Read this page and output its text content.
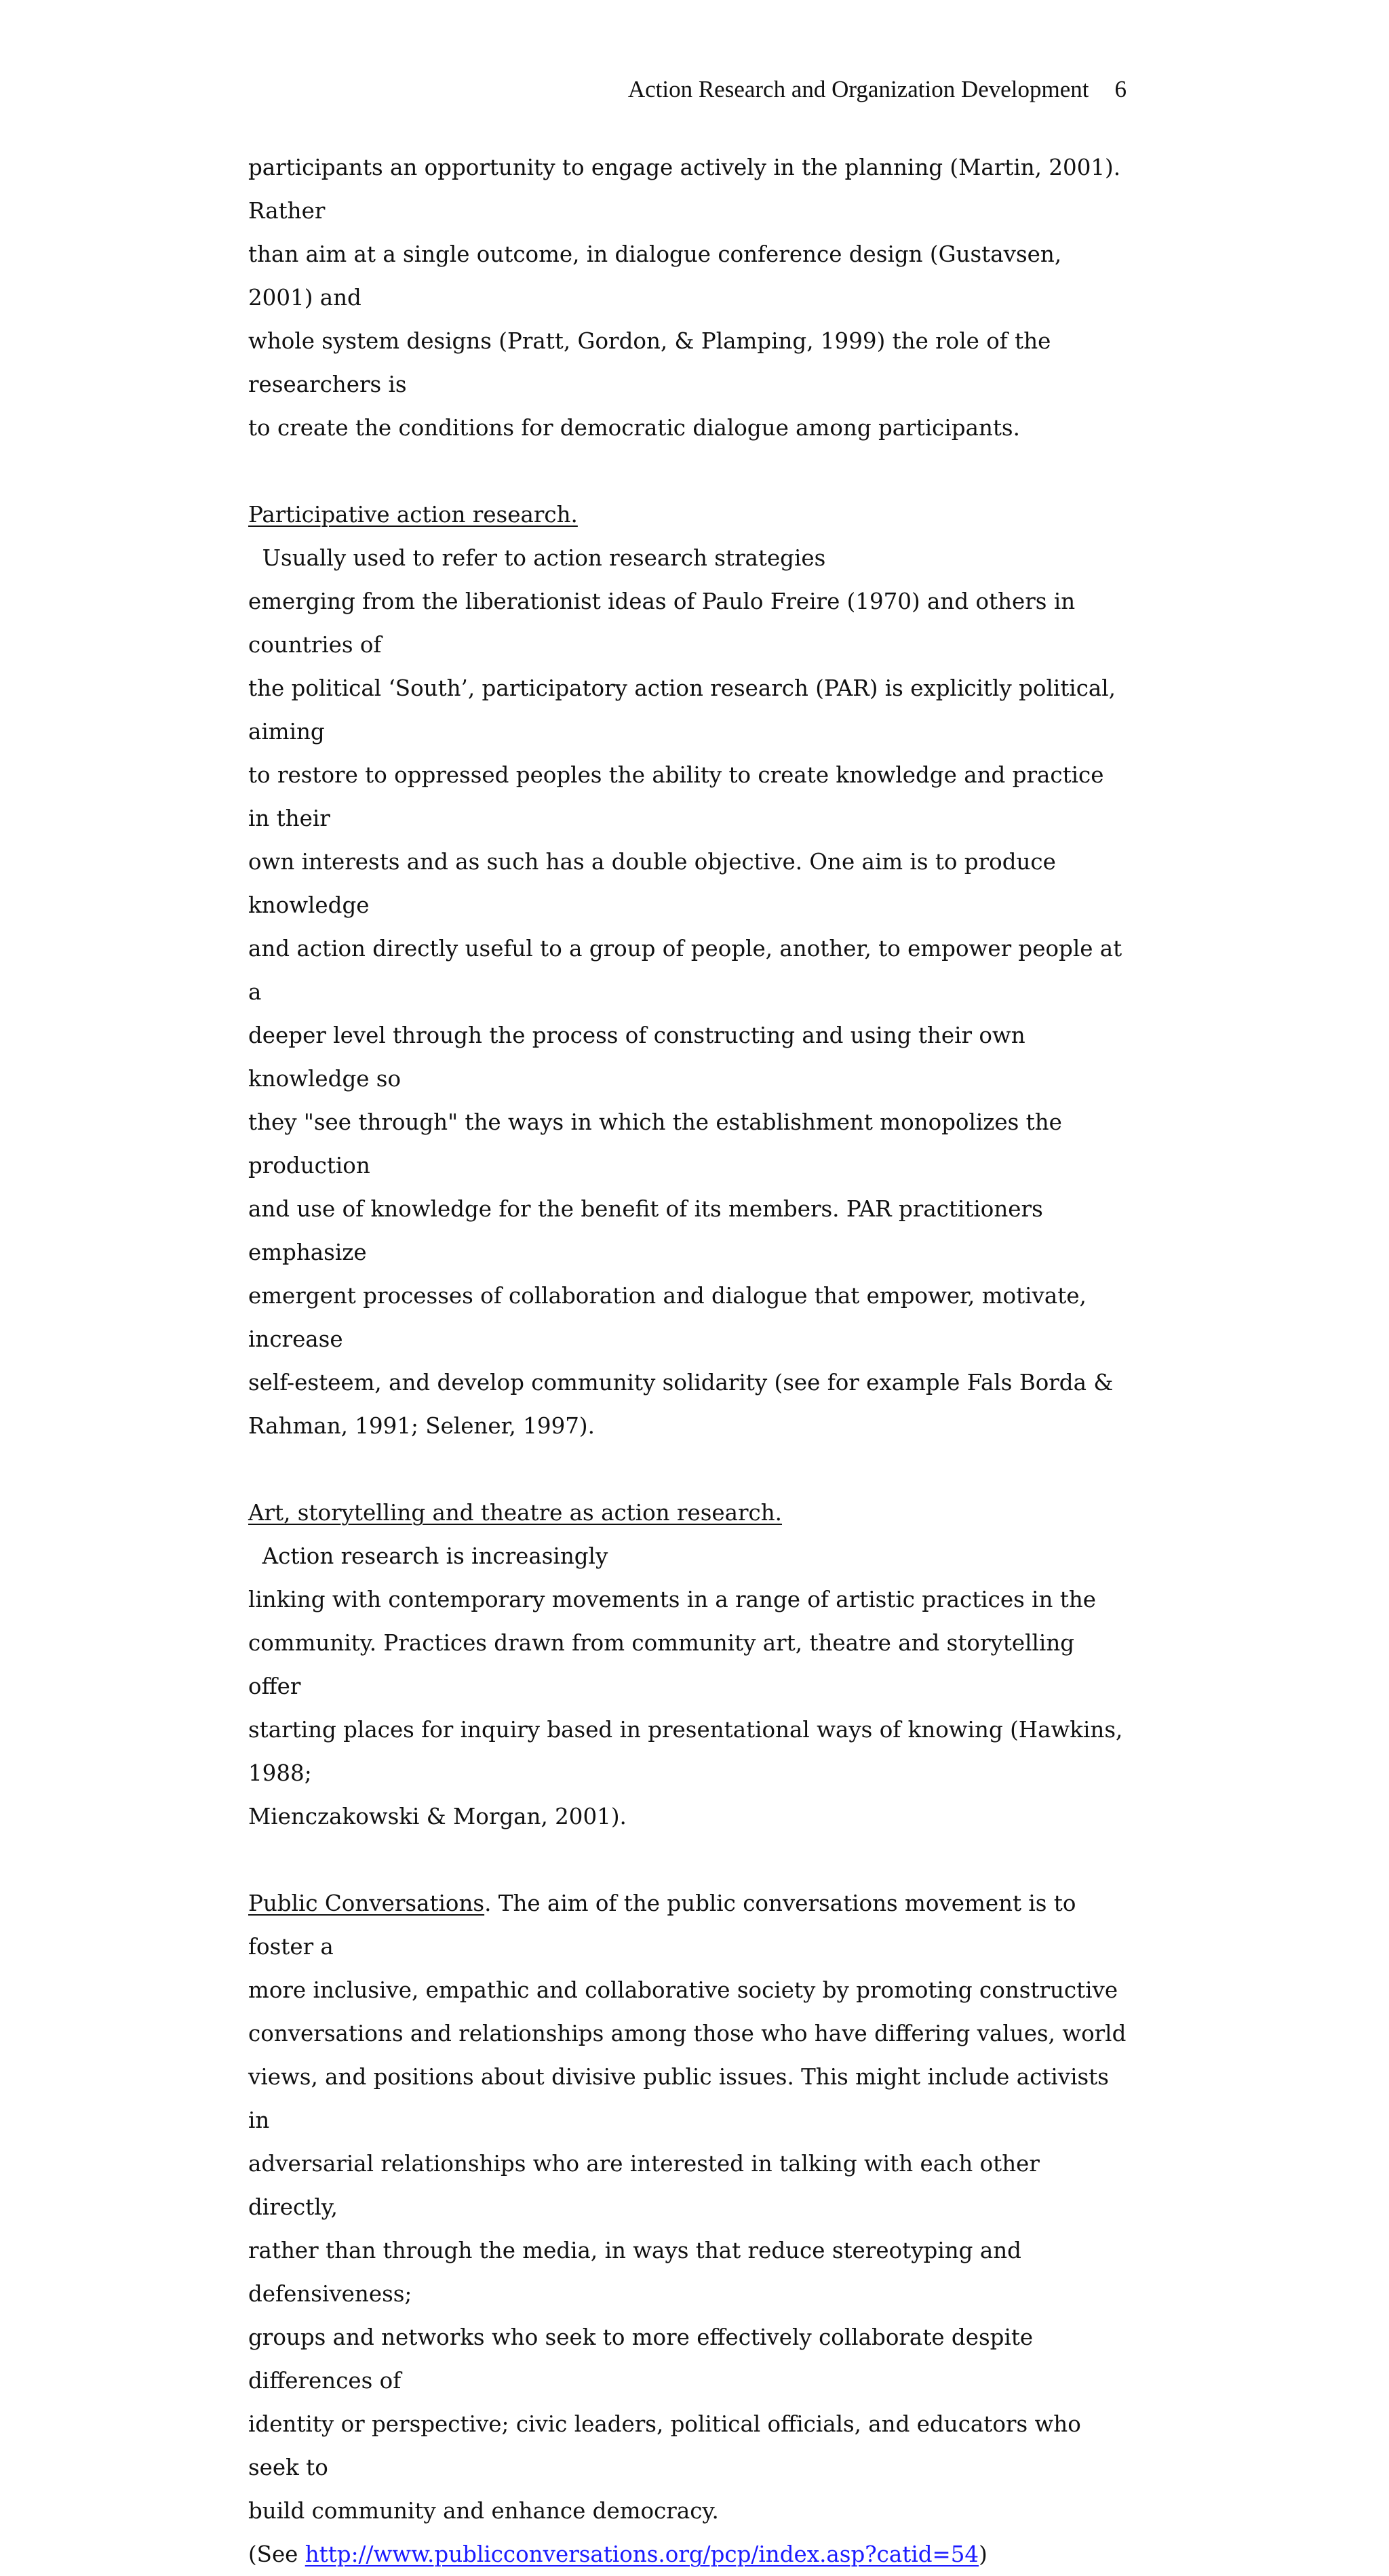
Action Research and Organization Development 6

participants an opportunity to engage actively in the planning (Martin, 2001). Rather
than aim at a single outcome, in dialogue conference design (Gustavsen, 2001) and
whole system designs (Pratt, Gordon, & Plamping, 1999) the role of the researchers is
to create the conditions for democratic dialogue among participants.

Participative action research.  Usually used to refer to action research strategies
emerging from the liberationist ideas of Paulo Freire (1970) and others in countries of
the political ‘South’, participatory action research (PAR) is explicitly political, aiming
to restore to oppressed peoples the ability to create knowledge and practice in their
own interests and as such has a double objective. One aim is to produce knowledge
and action directly useful to a group of people, another, to empower people at a
deeper level through the process of constructing and using their own knowledge so
they "see through" the ways in which the establishment monopolizes the production
and use of knowledge for the benefit of its members. PAR practitioners emphasize
emergent processes of collaboration and dialogue that empower, motivate, increase
self-esteem, and develop community solidarity (see for example Fals Borda &
Rahman, 1991; Selener, 1997).

Art, storytelling and theatre as action research.  Action research is increasingly
linking with contemporary movements in a range of artistic practices in the
community. Practices drawn from community art, theatre and storytelling offer
starting places for inquiry based in presentational ways of knowing (Hawkins, 1988;
Mienczakowski & Morgan, 2001).

Public Conversations. The aim of the public conversations movement is to foster a
more inclusive, empathic and collaborative society by promoting constructive
conversations and relationships among those who have differing values, world
views, and positions about divisive public issues. This might include activists in
adversarial relationships who are interested in talking with each other directly,
rather than through the media, in ways that reduce stereotyping and defensiveness;
groups and networks who seek to more effectively collaborate despite differences of
identity or perspective; civic leaders, political officials, and educators who seek to
build community and enhance democracy.
(See http://www.publicconversations.org/pcp/index.asp?catid=54)
